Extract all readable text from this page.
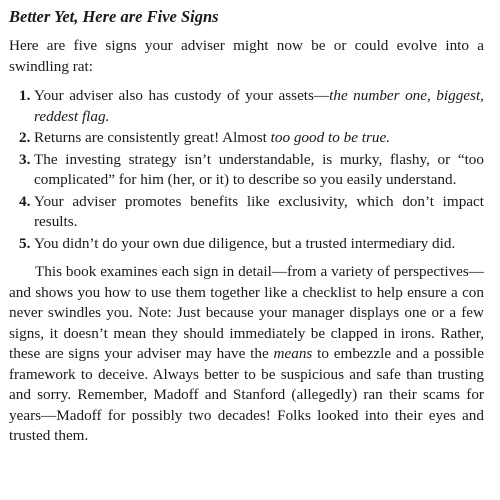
Better Yet, Here are Five Signs

Here are five signs your adviser might now be or could evolve into a swindling rat:

1. Your adviser also has custody of your assets—the number one, biggest, reddest flag.
2. Returns are consistently great! Almost too good to be true.
3. The investing strategy isn’t understandable, is murky, flashy, or “too complicated” for him (her, or it) to describe so you easily understand.
4. Your adviser promotes benefits like exclusivity, which don’t impact results.
5. You didn’t do your own due diligence, but a trusted intermediary did.

This book examines each sign in detail—from a variety of perspectives—and shows you how to use them together like a checklist to help ensure a con never swindles you. Note: Just because your manager displays one or a few signs, it doesn’t mean they should immediately be clapped in irons. Rather, these are signs your adviser may have the means to embezzle and a possible framework to deceive. Always better to be suspicious and safe than trusting and sorry. Remember, Madoff and Stanford (allegedly) ran their scams for years—Madoff for possibly two decades! Folks looked into their eyes and trusted them.
